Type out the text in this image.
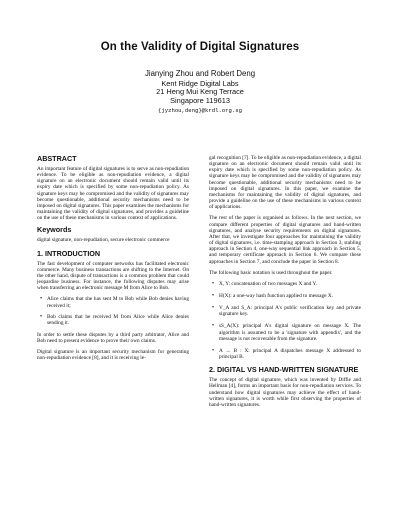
On the Validity of Digital Signatures
Jianying Zhou and Robert Deng
Kent Ridge Digital Labs
21 Heng Mui Keng Terrace
Singapore 119613
{jyzhou,deng}@krdl.org.sg
ABSTRACT

An important feature of digital signatures is to serve as non-repudiation evidence. To be eligible as non-repudiation evidence, a digital signature on an electronic document should remain valid until its expiry date which is specified by some non-repudiation policy. As signature keys may be compromised and the validity of signatures may become questionable, additional security mechanisms need to be imposed on digital signatures. This paper examines the mechanisms for maintaining the validity of digital signatures, and provides a guideline on the use of these mechanisms in various context of applications.

Keywords

digital signature, non-repudiation, secure electronic commerce

1. INTRODUCTION

The fast development of computer networks has facilitated electronic commerce. Many business transactions are shifting to the Internet. On the other hand, dispute of transactions is a common problem that could jeopardise business. For instance, the following disputes may arise when transferring an electronic message M from Alice to Bob.

• Alice claims that she has sent M to Bob while Bob denies having received it;
• Bob claims that he received M from Alice while Alice denies sending it.

In order to settle these disputes by a third party arbitrator, Alice and Bob need to present evidence to prove their own claims.

Digital signature is an important security mechanism for generating non-repudiation evidence [8], and it is receiving le-

gal recognition [7]. To be eligible as non-repudiation evidence, a digital signature on an electronic document should remain valid until its expiry date which is specified by some non-repudiation policy. As signature keys may be compromised and the validity of signatures may become questionable, additional security mechanisms need to be imposed on digital signatures. In this paper, we examine the mechanisms for maintaining the validity of digital signatures, and provide a guideline on the use of these mechanisms in various context of applications.

The rest of the paper is organised as follows. In the next section, we compare different properties of digital signatures and hand-written signatures, and analyse security requirements on digital signatures. After that, we investigate four approaches for maintaining the validity of digital signatures, i.e. time-stamping approach in Section 3, stabling approach in Section 4, one-way sequential link approach in Section 5, and temporary certificate approach in Section 6. We compare these approaches in Section 7, and conclude the paper in Section 8.

The following basic notation is used throughout the paper.

• X, Y: concatenation of two messages X and Y.
• H(X): a one-way hash function applied to message X.
• V_A and S_A: principal A's public verification key and private signature key.
• sS_A(X): principal A's digital signature on message X. The algorithm is assumed to be a 'signature with appendix', and the message is not recoverable from the signature.
• A → B : X: principal A dispatches message X addressed to principal B.
2. DIGITAL VS HAND-WRITTEN SIGNATURE

The concept of digital signature, which was invented by Diffie and Hellman [4], forms an important basis for non-repudiation services. To understand how digital signatures may achieve the effect of hand-written signatures, it is worth while first observing the properties of hand-written signatures.
